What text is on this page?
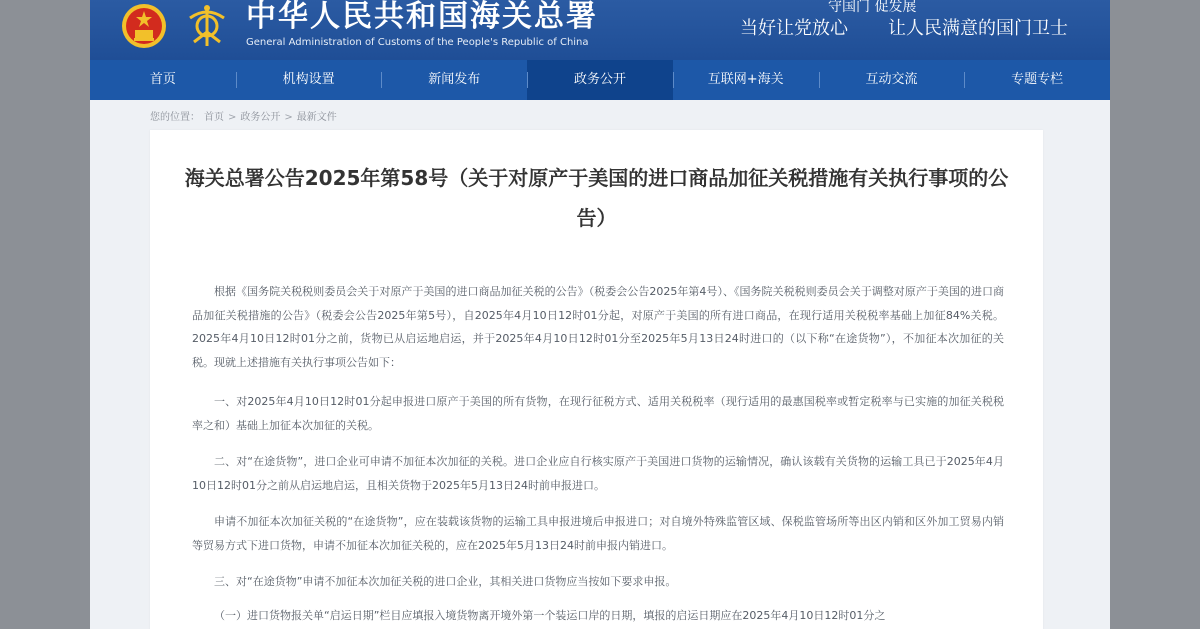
中华人民共和国海关总署
General Administration of Customs of the People's Republic of China
守国门 促发展
当好让党放心 让人民满意的国门卫士
首页	机构设置	新闻发布	政务公开	互联网+海关	互动交流	专题专栏
您的位置： 首页 > 政务公开 > 最新文件
海关总署公告2025年第58号（关于对原产于美国的进口商品加征关税措施有关执行事项的公告）
根据《国务院关税税则委员会关于对原产于美国的进口商品加征关税的公告》（税委会公告2025年第4号）、《国务院关税税则委员会关于调整对原产于美国的进口商品加征关税措施的公告》（税委会公告2025年第5号），自2025年4月10日12时01分起，对原产于美国的所有进口商品，在现行适用关税税率基础上加征84%关税。2025年4月10日12时01分之前，货物已从启运地启运，并于2025年4月10日12时01分至2025年5月13日24时进口的（以下称“在途货物”），不加征本次加征的关税。现就上述措施有关执行事项公告如下：
一、对2025年4月10日12时01分起申报进口原产于美国的所有货物，在现行征税方式、适用关税税率（现行适用的最惠国税率或暂定税率与已实施的加征关税税率之和）基础上加征本次加征的关税。
二、对“在途货物”，进口企业可申请不加征本次加征的关税。进口企业应自行核实原产于美国进口货物的运输情况，确认该载有关货物的运输工具已于2025年4月10日12时01分之前从启运地启运，且相关货物于2025年5月13日24时前申报进口。
申请不加征本次加征关税的“在途货物”，应在装载该货物的运输工具申报进境后申报进口；对自境外特殊监管区域、保税监管场所等出区内销和区外加工贸易内销等贸易方式下进口货物，申请不加征本次加征关税的，应在2025年5月13日24时前申报内销进口。
三、对“在途货物”申请不加征本次加征关税的进口企业，其相关进口货物应当按如下要求申报。
（一）进口货物报关单“启运日期”栏目应填报入境货物离开境外第一个装运口岸的日期，填报的启运日期应在2025年4月10日12时01分之
